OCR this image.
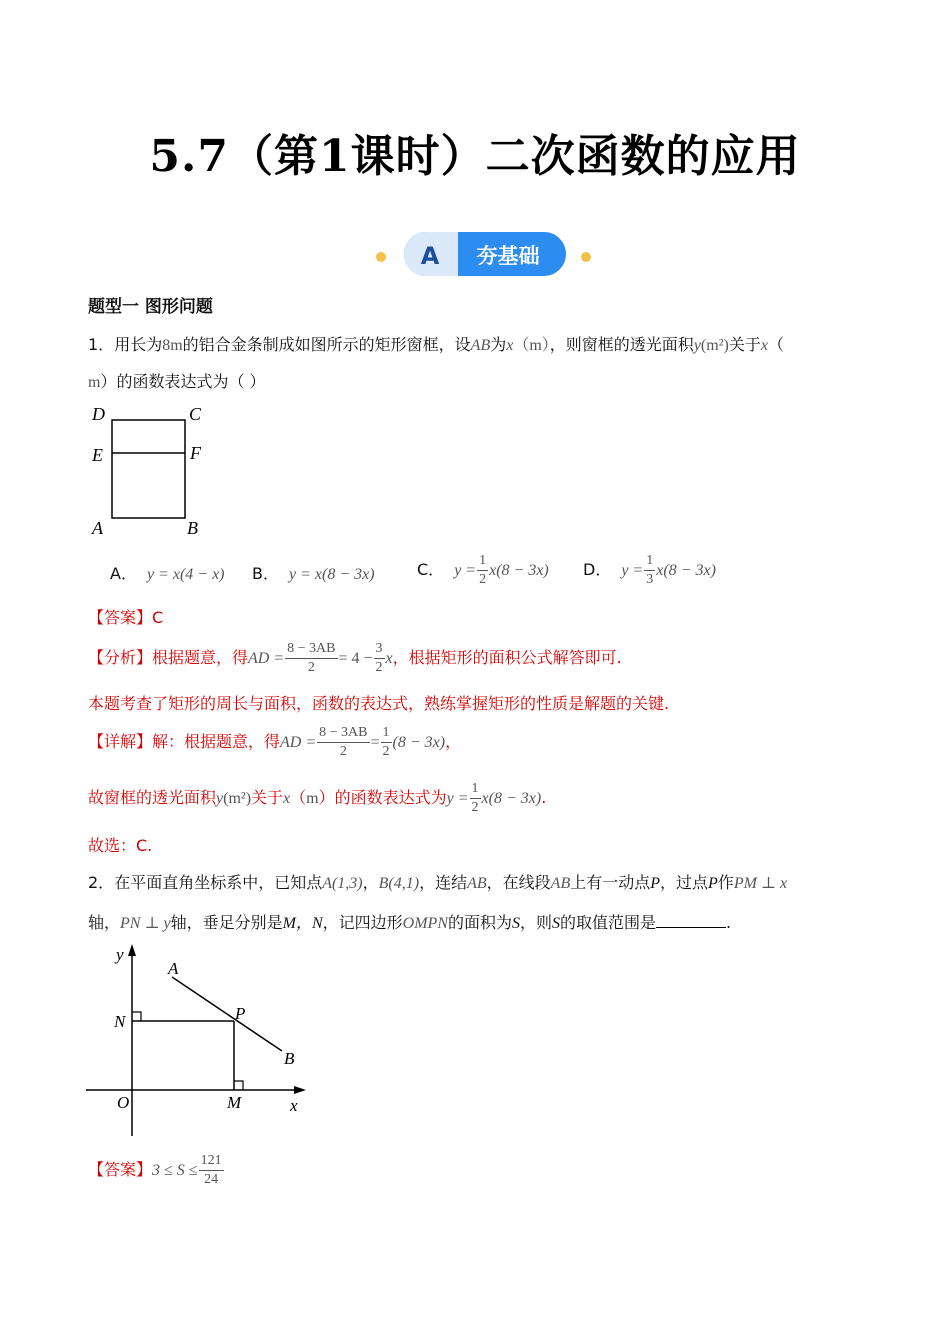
5.7（第1课时）二次函数的应用
A 夯基础
题型一 图形问题
1．用长为8m的铝合金条制成如图所示的矩形窗框，设AB为x（m），则窗框的透光面积y(m²)关于x（
m）的函数表达式为（ ）
D	C
E	F
A	B
A． y = x(4 − x) B． y = x(8 − 3x)	C． $y = \frac{1}{2} x(8 - 3x)$ D． $y = \frac{1}{3} x(8 - 3x)$
【答案】C
【分析】根据题意，得AD = $\frac{8 - 3AB}{2} = 4 - \frac{3}{2}$ x，根据矩形的面积公式解答即可.
本题考查了矩形的周长与面积，函数的表达式，熟练掌握矩形的性质是解题的关键.
【详解】解：根据题意，得AD = $\frac{8 - 3AB}{2} = \frac{1}{2} (8 - 3x)$，
故窗框的透光面积y(m²)关于x（m）的函数表达式为$y = \frac{1}{2} x(8 - 3x)$.
故选：C.
2．在平面直角坐标系中，已知点A(1,3)，B(4,1)，连结AB，在线段AB上有一动点P，过点P作PM ⊥ x
轴，PN ⊥ y轴，垂足分别是M，N，记四边形OMPN的面积为S，则S的取值范围是	.
y
A
N	P
B
O	M	x
【答案】$3 \le S \le \frac{121}{24}$
